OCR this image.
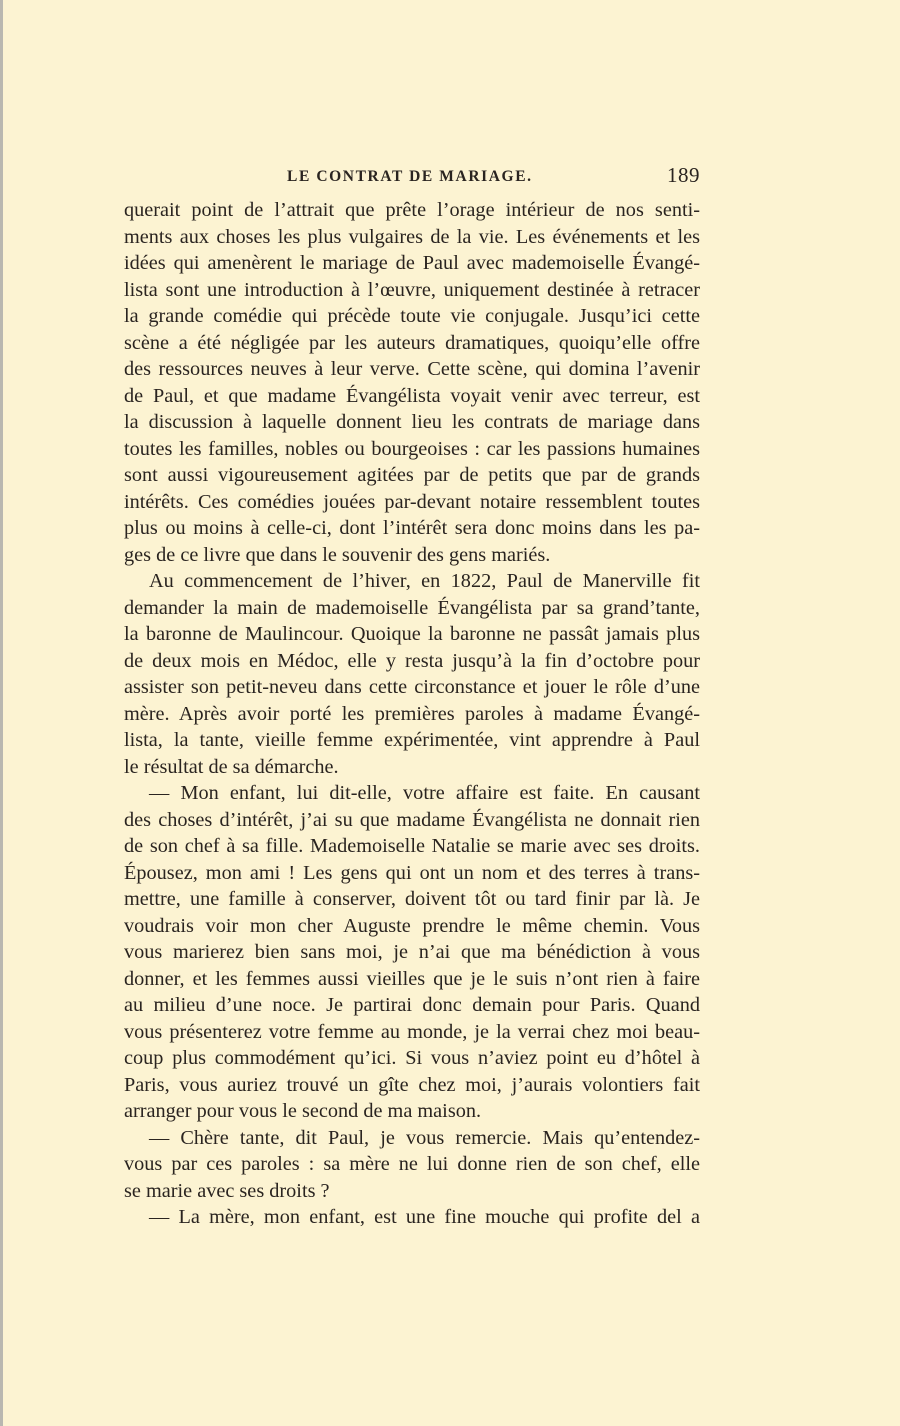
LE CONTRAT DE MARIAGE.	189
querait point de l’attrait que prête l’orage intérieur de nos senti-
ments aux choses les plus vulgaires de la vie. Les événements et les
idées qui amenèrent le mariage de Paul avec mademoiselle Évangé-
lista sont une introduction à l’œuvre, uniquement destinée à retracer
la grande comédie qui précède toute vie conjugale. Jusqu’ici cette
scène a été négligée par les auteurs dramatiques, quoiqu’elle offre
des ressources neuves à leur verve. Cette scène, qui domina l’avenir
de Paul, et que madame Évangélista voyait venir avec terreur, est
la discussion à laquelle donnent lieu les contrats de mariage dans
toutes les familles, nobles ou bourgeoises : car les passions humaines
sont aussi vigoureusement agitées par de petits que par de grands
intérêts. Ces comédies jouées par-devant notaire ressemblent toutes
plus ou moins à celle-ci, dont l’intérêt sera donc moins dans les pa-
ges de ce livre que dans le souvenir des gens mariés.
Au commencement de l’hiver, en 1822, Paul de Manerville fit
demander la main de mademoiselle Évangélista par sa grand’tante,
la baronne de Maulincour. Quoique la baronne ne passât jamais plus
de deux mois en Médoc, elle y resta jusqu’à la fin d’octobre pour
assister son petit-neveu dans cette circonstance et jouer le rôle d’une
mère. Après avoir porté les premières paroles à madame Évangé-
lista, la tante, vieille femme expérimentée, vint apprendre à Paul
le résultat de sa démarche.
— Mon enfant, lui dit-elle, votre affaire est faite. En causant
des choses d’intérêt, j’ai su que madame Évangélista ne donnait rien
de son chef à sa fille. Mademoiselle Natalie se marie avec ses droits.
Épousez, mon ami ! Les gens qui ont un nom et des terres à trans-
mettre, une famille à conserver, doivent tôt ou tard finir par là. Je
voudrais voir mon cher Auguste prendre le même chemin. Vous
vous marierez bien sans moi, je n’ai que ma bénédiction à vous
donner, et les femmes aussi vieilles que je le suis n’ont rien à faire
au milieu d’une noce. Je partirai donc demain pour Paris. Quand
vous présenterez votre femme au monde, je la verrai chez moi beau-
coup plus commodément qu’ici. Si vous n’aviez point eu d’hôtel à
Paris, vous auriez trouvé un gîte chez moi, j’aurais volontiers fait
arranger pour vous le second de ma maison.
— Chère tante, dit Paul, je vous remercie. Mais qu’entendez-
vous par ces paroles : sa mère ne lui donne rien de son chef, elle
se marie avec ses droits ?
— La mère, mon enfant, est une fine mouche qui profite del a
